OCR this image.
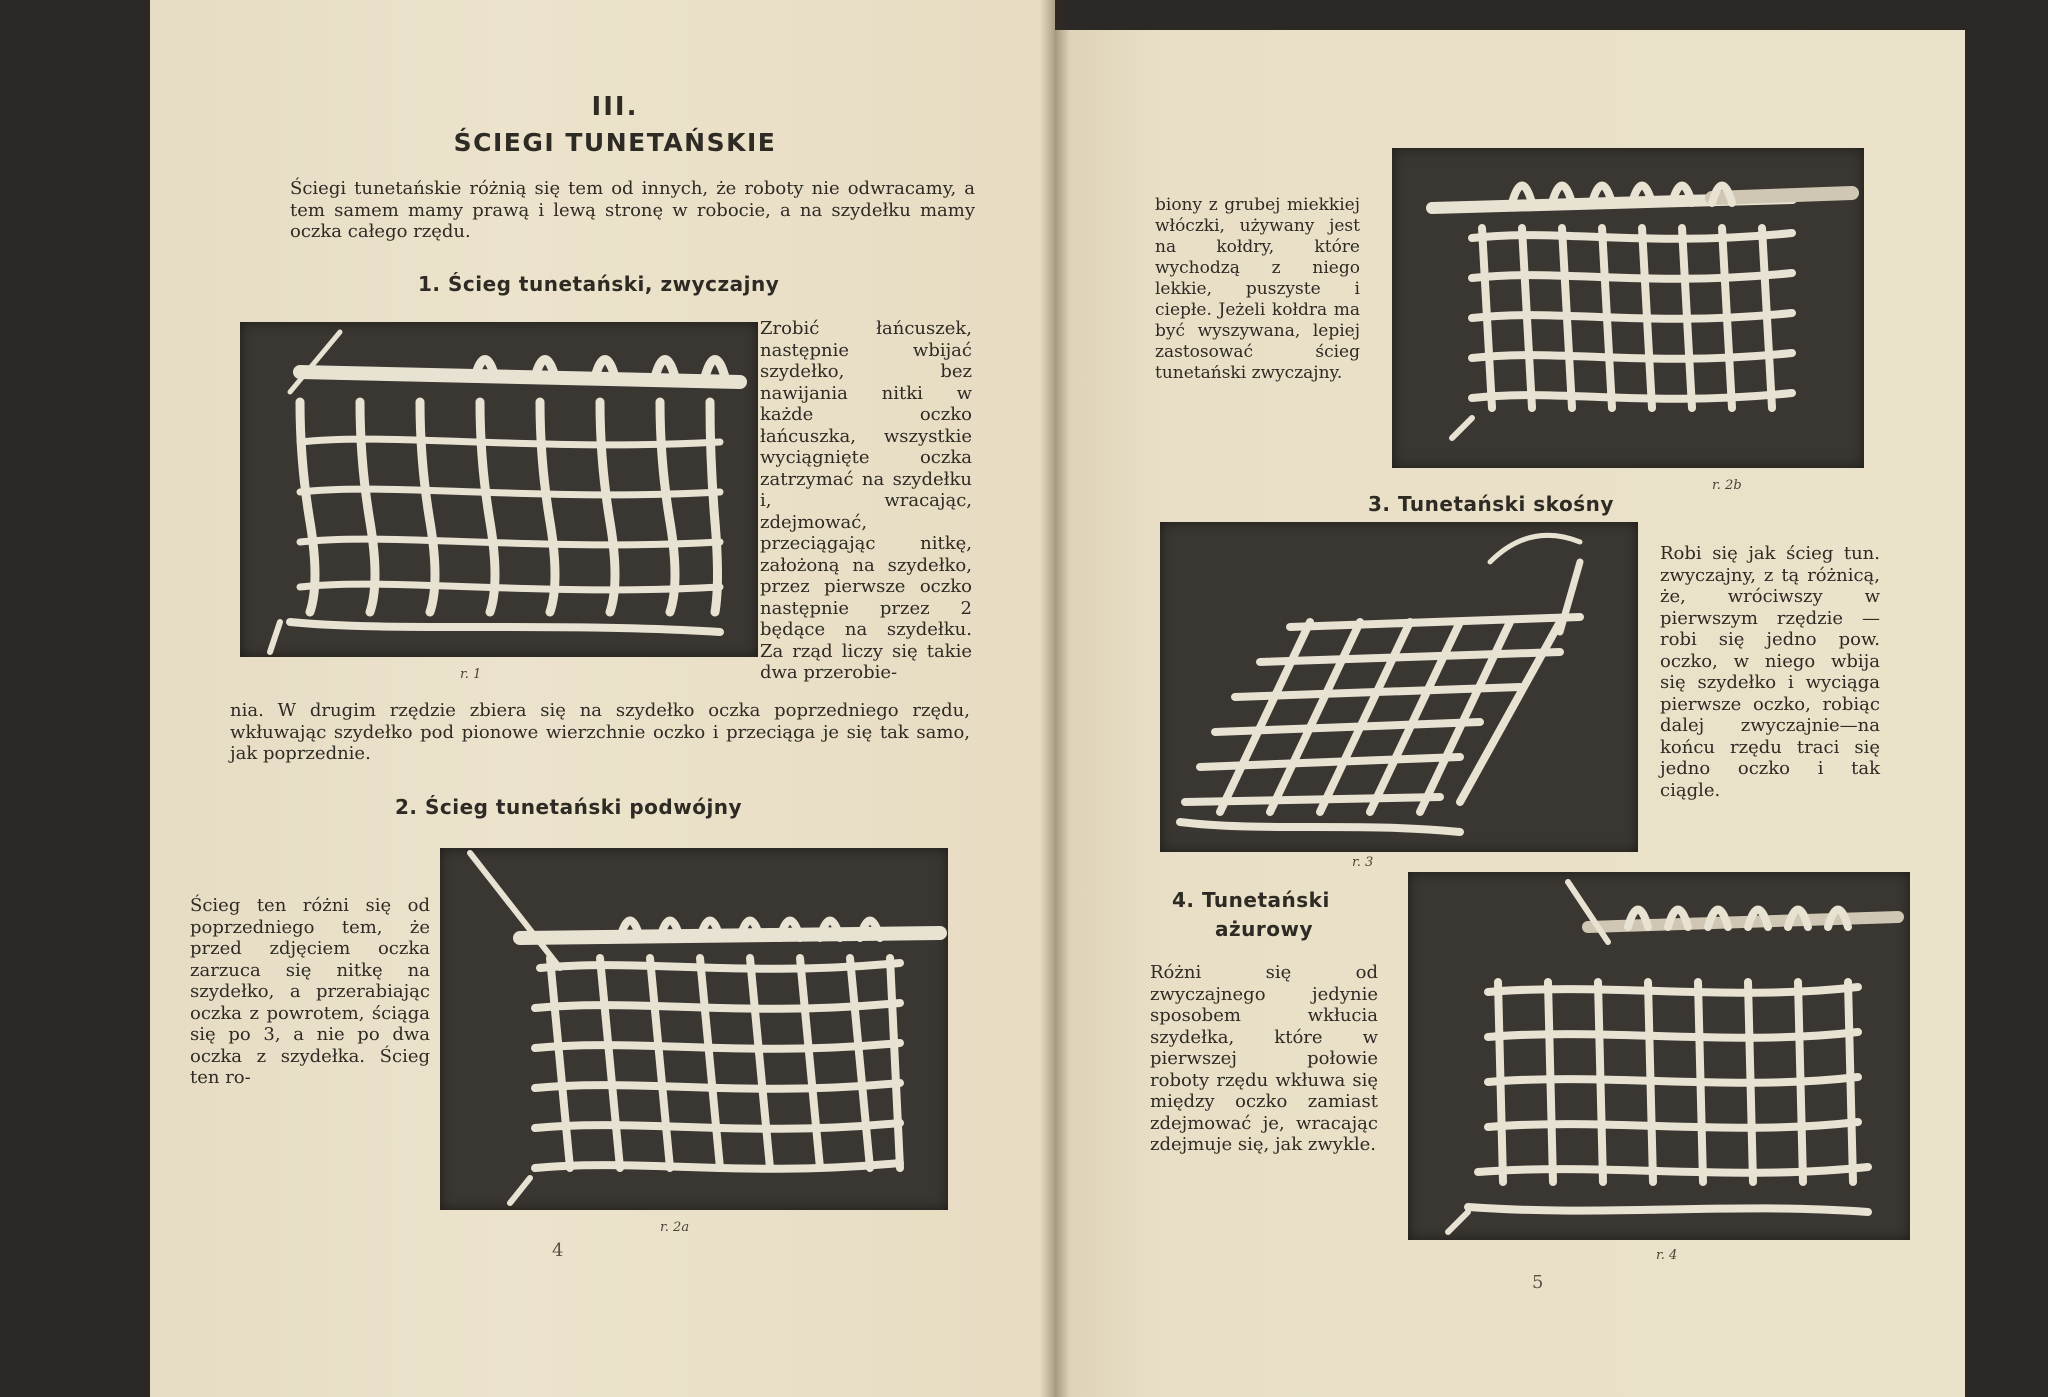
III.
ŚCIEGI TUNETAŃSKIE
Ściegi tunetańskie różnią się tem od innych, że roboty nie odwracamy, a tem samem mamy prawą i lewą stronę w robocie, a na szydełku mamy oczka całego rzędu.
1. Ścieg tunetański, zwyczajny
r. 1
Zrobić łańcuszek, następnie wbijać szydełko, bez nawijania nitki w każde oczko łańcuszka, wszystkie wyciągnięte oczka zatrzymać na szydełku i, wracając, zdejmować, przeciągając nitkę, założoną na szydełko, przez pierwsze oczko następnie przez 2 będące na szydełku. Za rząd liczy się takie dwa przerobie-
nia. W drugim rzędzie zbiera się na szydełko oczka poprzedniego rzędu, wkłuwając szydełko pod pionowe wierzchnie oczko i przeciąga je się tak samo, jak poprzednie.
2. Ścieg tunetański podwójny
Ścieg ten różni się od poprzedniego tem, że przed zdjęciem oczka zarzuca się nitkę na szydełko, a przerabiając oczka z powrotem, ściąga się po 3, a nie po dwa oczka z szydełka. Ścieg ten ro-
r. 2a
4
biony z grubej miekkiej włóczki, używany jest na kołdry, które wychodzą z niego lekkie, puszyste i ciepłe. Jeżeli kołdra ma być wyszywana, lepiej zastosować ścieg tunetański zwyczajny.
r. 2b
3. Tunetański skośny
r. 3
Robi się jak ścieg tun. zwyczajny, z tą różnicą, że, wróciwszy w pierwszym rzędzie — robi się jedno pow. oczko, w niego wbija się szydełko i wyciąga pierwsze oczko, robiąc dalej zwyczajnie—na końcu rzędu traci się jedno oczko i tak ciągle.
4. Tunetański
ażurowy
Różni się od zwyczajnego jedynie sposobem wkłucia szydełka, które w pierwszej połowie roboty rzędu wkłuwa się między oczko zamiast zdejmować je, wracając zdejmuje się, jak zwykle.
r. 4
5
